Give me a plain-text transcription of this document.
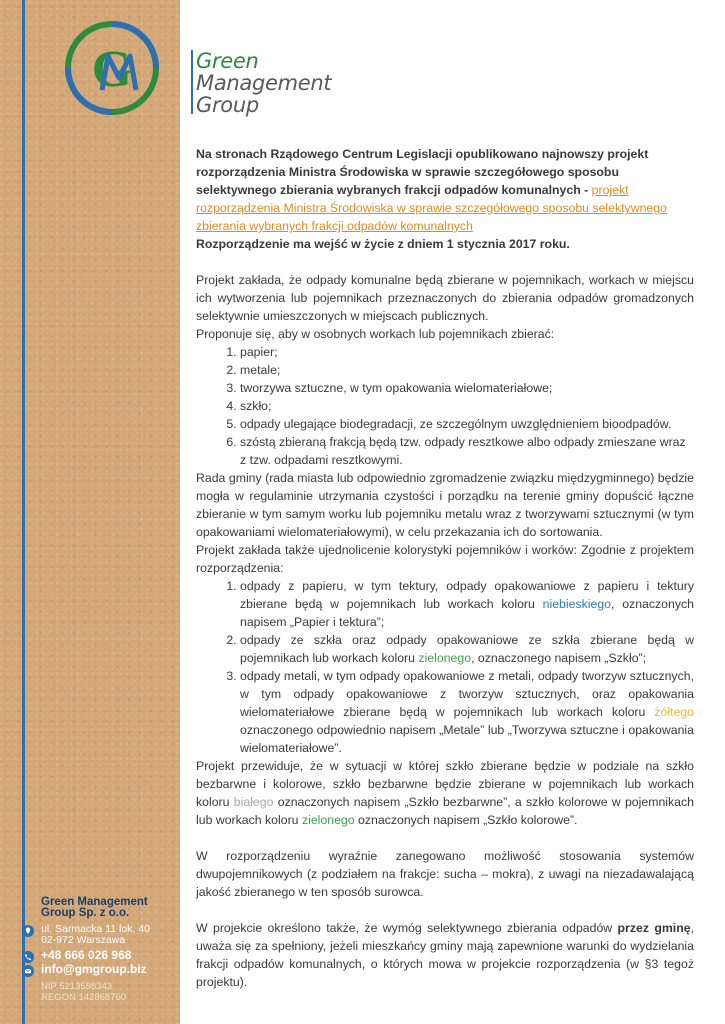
G	Green
Management
Group

Na stronach Rządowego Centrum Legislacji opublikowano najnowszy projekt rozporządzenia Ministra Środowiska w sprawie szczegółowego sposobu selektywnego zbierania wybranych frakcji odpadów komunalnych - projekt rozporządzenia Ministra Środowiska w sprawie szczegółowego sposobu selektywnego zbierania wybranych frakcji odpadów komunalnych

Rozporządzenie ma wejść w życie z dniem 1 stycznia 2017 roku.

Projekt zakłada, że odpady komunalne będą zbierane w pojemnikach, workach w miejscu ich wytworzenia lub pojemnikach przeznaczonych do zbierania odpadów gromadzonych selektywnie umieszczonych w miejscach publicznych.

Proponuje się, aby w osobnych workach lub pojemnikach zbierać:

1. papier;
2. metale;
3. tworzywa sztuczne, w tym opakowania wielomateriałowe;
4. szkło;
5. odpady ulegające biodegradacji, ze szczególnym uwzględnieniem bioodpadów.
6. szóstą zbieraną frakcją będą tzw. odpady resztkowe albo odpady zmieszane wraz z tzw. odpadami resztkowymi.

Rada gminy (rada miasta lub odpowiednio zgromadzenie związku międzygminnego) będzie mogła w regulaminie utrzymania czystości i porządku na terenie gminy dopuścić łączne zbieranie w tym samym worku lub pojemniku metalu wraz z tworzywami sztucznymi (w tym opakowaniami wielomateriałowymi), w celu przekazania ich do sortowania.

Projekt zakłada także ujednolicenie kolorystyki pojemników i worków: Zgodnie z projektem rozporządzenia:

1. odpady z papieru, w tym tektury, odpady opakowaniowe z papieru i tektury zbierane będą w pojemnikach lub workach koloru niebieskiego, oznaczonych napisem „Papier i tektura”;
2. odpady ze szkła oraz odpady opakowaniowe ze szkła zbierane będą w pojemnikach lub workach koloru zielonego, oznaczonego napisem „Szkło”;
3. odpady metali, w tym odpady opakowaniowe z metali, odpady tworzyw sztucznych, w tym odpady opakowaniowe z tworzyw sztucznych, oraz opakowania wielomateriałowe zbierane będą w pojemnikach lub workach koloru żółtego oznaczonego odpowiednio napisem „Metale” lub „Tworzywa sztuczne i opakowania wielomateriałowe”.

Projekt przewiduje, że w sytuacji w której szkło zbierane będzie w podziale na szkło bezbarwne i kolorowe, szkło bezbarwne będzie zbierane w pojemnikach lub workach koloru białego oznaczonych napisem „Szkło bezbarwne”, a szkło kolorowe w pojemnikach lub workach koloru zielonego oznaczonych napisem „Szkło kolorowe”.

W rozporządzeniu wyraźnie zanegowano możliwość stosowania systemów dwupojemnikowych (z podziałem na frakcje: sucha – mokra), z uwagi na niezadawalającą jakość zbieranego w ten sposób surowca.

W projekcie określono także, że wymóg selektywnego zbierania odpadów przez gminę, uważa się za spełniony, jeżeli mieszkańcy gminy mają zapewnione warunki do wydzielania frakcji odpadów komunalnych, o których mowa w projekcie rozporządzenia (w §3 tegoż projektu).

Green Management
Group Sp. z o.o.
ul. Sarmacka 11 lok. 40
02-972 Warszawa
+48 666 026 968
info@gmgroup.biz
NIP 5213598343
REGON 142868760
